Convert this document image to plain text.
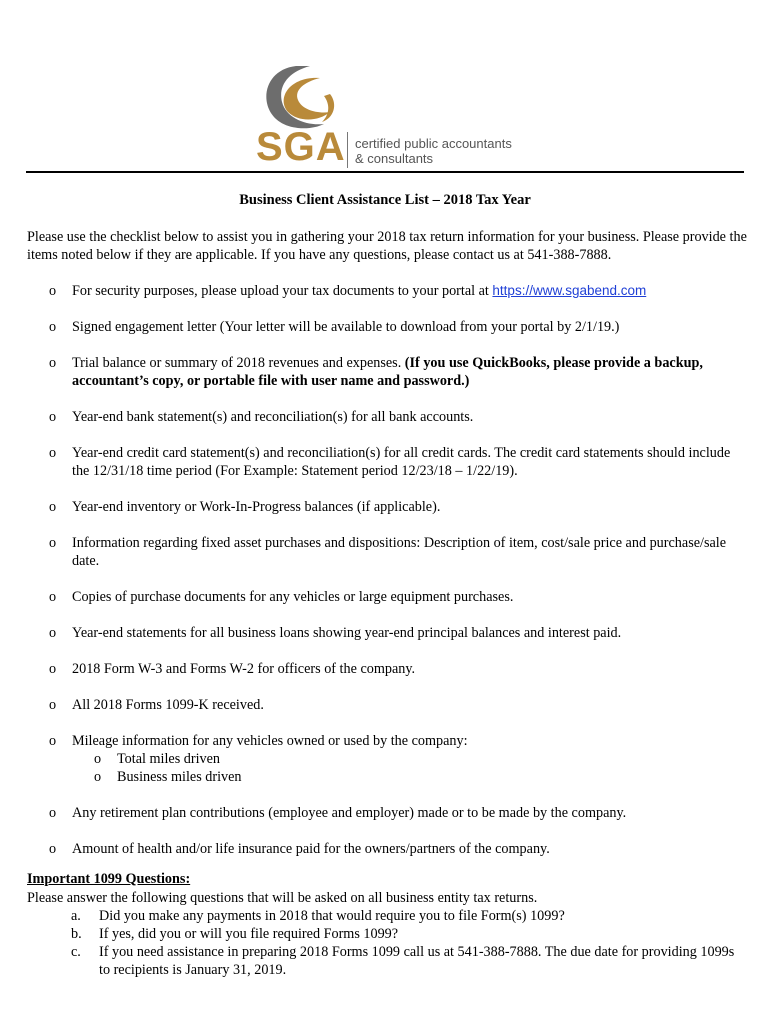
SGA certified public accountants
& consultants
Business Client Assistance List – 2018 Tax Year
Please use the checklist below to assist you in gathering your 2018 tax return information for your business. Please provide the items noted below if they are applicable. If you have any questions, please contact us at 541-388-7888.
o For security purposes, please upload your tax documents to your portal at https://www.sgabend.com
o Signed engagement letter (Your letter will be available to download from your portal by 2/1/19.)
o Trial balance or summary of 2018 revenues and expenses. (If you use QuickBooks, please provide a backup, accountant’s copy, or portable file with user name and password.)
o Year-end bank statement(s) and reconciliation(s) for all bank accounts.
o Year-end credit card statement(s) and reconciliation(s) for all credit cards. The credit card statements should include the 12/31/18 time period (For Example: Statement period 12/23/18 – 1/22/19).
o Year-end inventory or Work-In-Progress balances (if applicable).
o Information regarding fixed asset purchases and dispositions: Description of item, cost/sale price and purchase/sale date.
o Copies of purchase documents for any vehicles or large equipment purchases.
o Year-end statements for all business loans showing year-end principal balances and interest paid.
o 2018 Form W-3 and Forms W-2 for officers of the company.
o All 2018 Forms 1099-K received.
o Mileage information for any vehicles owned or used by the company:
o Total miles driven
o Business miles driven
o Any retirement plan contributions (employee and employer) made or to be made by the company.
o Amount of health and/or life insurance paid for the owners/partners of the company.
Important 1099 Questions:
Please answer the following questions that will be asked on all business entity tax returns.
a. Did you make any payments in 2018 that would require you to file Form(s) 1099?
b. If yes, did you or will you file required Forms 1099?
c. If you need assistance in preparing 2018 Forms 1099 call us at 541-388-7888. The due date for providing 1099s to recipients is January 31, 2019.
